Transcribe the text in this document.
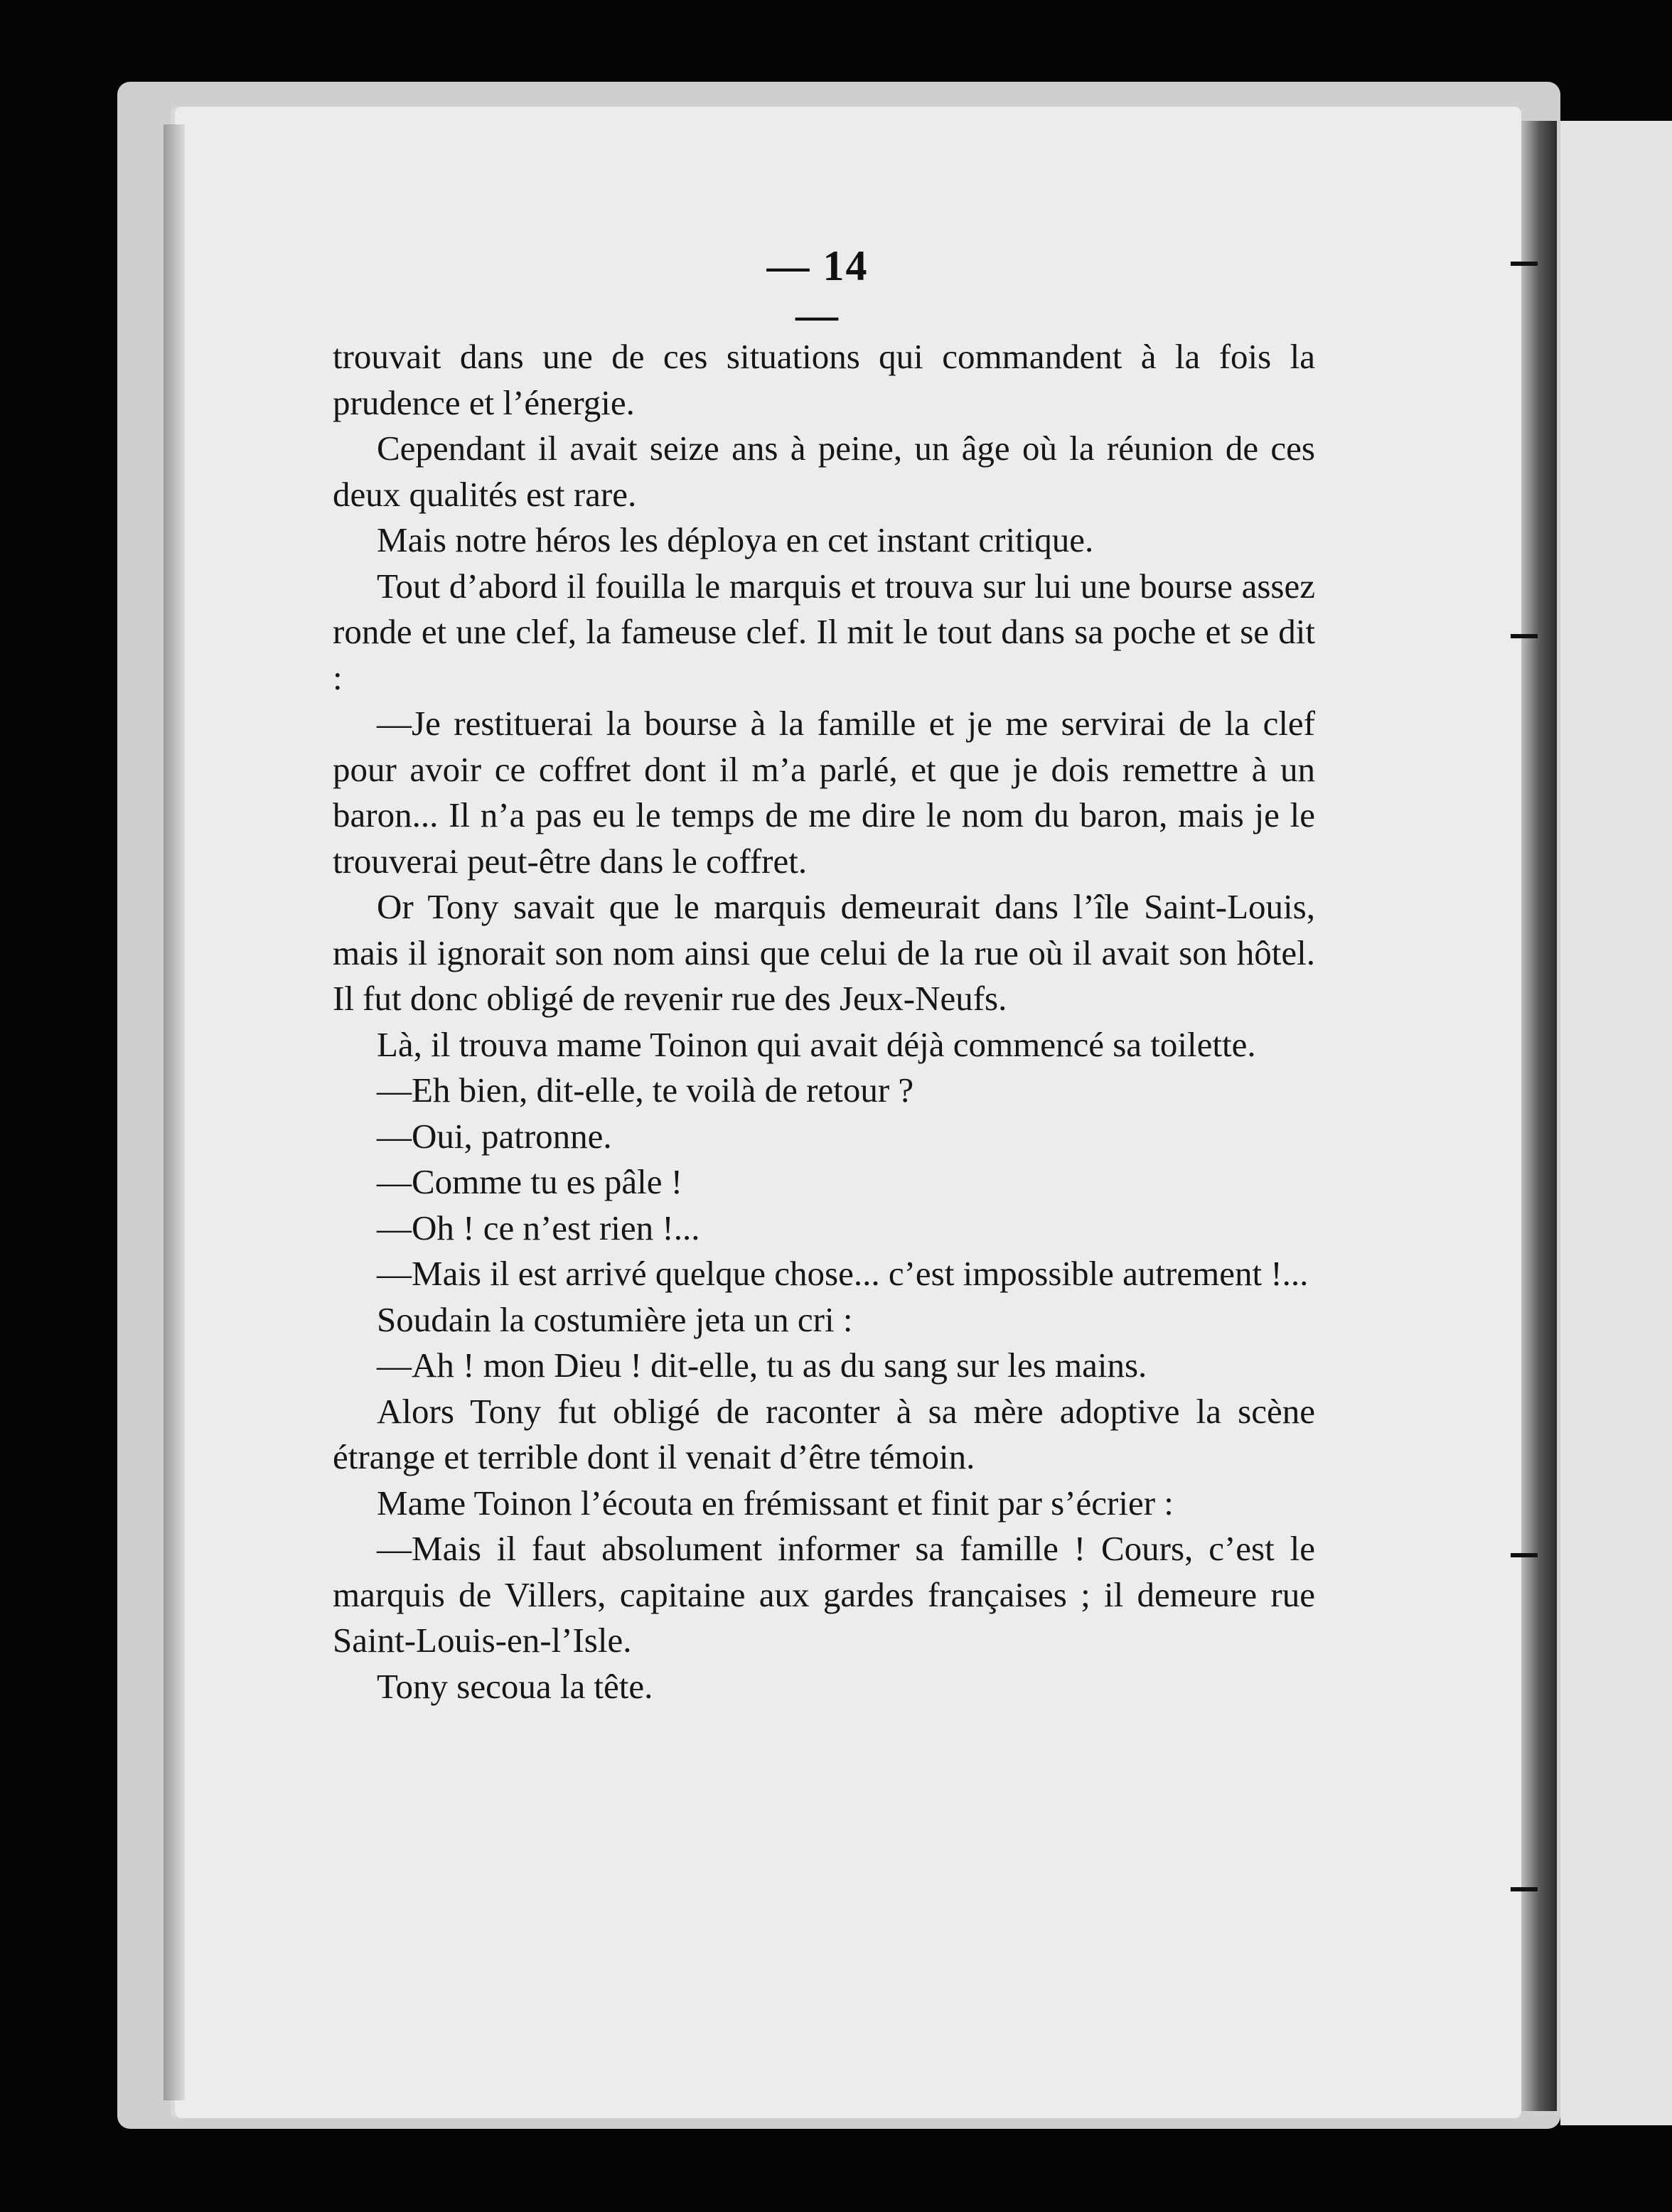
— 14 —

trouvait dans une de ces situations qui commandent à la fois la prudence et l’énergie.

Cependant il avait seize ans à peine, un âge où la réunion de ces deux qualités est rare.

Mais notre héros les déploya en cet instant critique.

Tout d’abord il fouilla le marquis et trouva sur lui une bourse assez ronde et une clef, la fameuse clef. Il mit le tout dans sa poche et se dit :

—Je restituerai la bourse à la famille et je me servirai de la clef pour avoir ce coffret dont il m’a parlé, et que je dois remettre à un baron... Il n’a pas eu le temps de me dire le nom du baron, mais je le trouverai peut-être dans le coffret.

Or Tony savait que le marquis demeurait dans l’île Saint-Louis, mais il ignorait son nom ainsi que celui de la rue où il avait son hôtel. Il fut donc obligé de revenir rue des Jeux-Neufs.

Là, il trouva mame Toinon qui avait déjà commencé sa toilette.

—Eh bien, dit-elle, te voilà de retour ?

—Oui, patronne.

—Comme tu es pâle !

—Oh ! ce n’est rien !...

—Mais il est arrivé quelque chose... c’est impossible autrement !...

Soudain la costumière jeta un cri :

—Ah ! mon Dieu ! dit-elle, tu as du sang sur les mains.

Alors Tony fut obligé de raconter à sa mère adoptive la scène étrange et terrible dont il venait d’être témoin.

Mame Toinon l’écouta en frémissant et finit par s’écrier :

—Mais il faut absolument informer sa famille ! Cours, c’est le marquis de Villers, capitaine aux gardes françaises ; il demeure rue Saint-Louis-en-l’Isle.

Tony secoua la tête.
